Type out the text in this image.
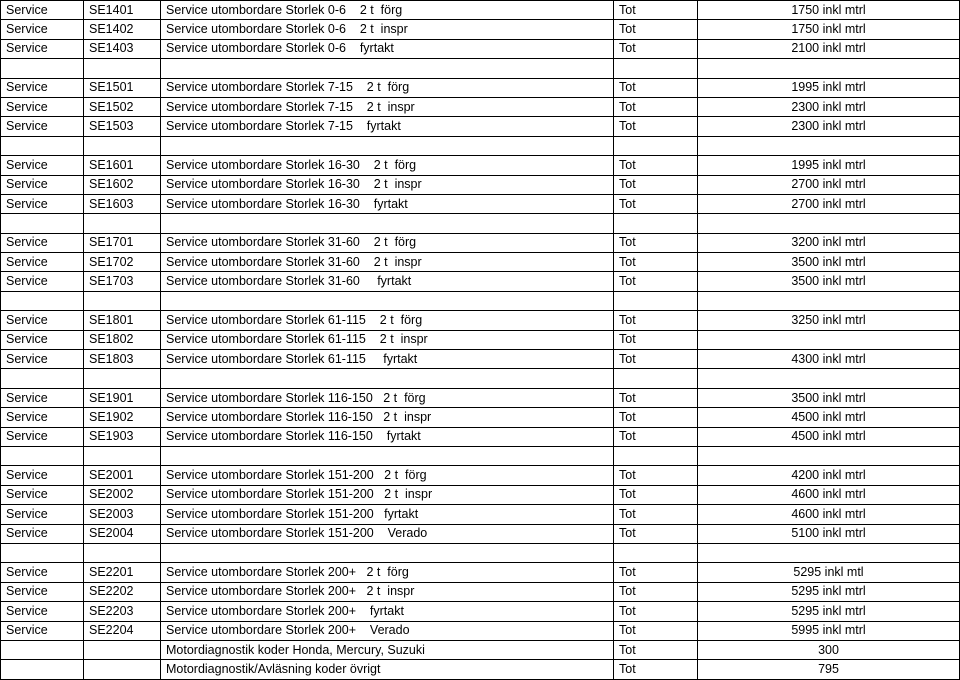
Service	SE1401	Service utombordare Storlek 0-6    2 t  förg	Tot	1750 inkl mtrl
Service	SE1402	Service utombordare Storlek 0-6    2 t  inspr	Tot	1750 inkl mtrl
Service	SE1403	Service utombordare Storlek 0-6    fyrtakt	Tot	2100 inkl mtrl

Service	SE1501	Service utombordare Storlek 7-15    2 t  förg	Tot	1995 inkl mtrl
Service	SE1502	Service utombordare Storlek 7-15    2 t  inspr	Tot	2300 inkl mtrl
Service	SE1503	Service utombordare Storlek 7-15    fyrtakt	Tot	2300 inkl mtrl

Service	SE1601	Service utombordare Storlek 16-30    2 t  förg	Tot	1995 inkl mtrl
Service	SE1602	Service utombordare Storlek 16-30    2 t  inspr	Tot	2700 inkl mtrl
Service	SE1603	Service utombordare Storlek 16-30    fyrtakt	Tot	2700 inkl mtrl

Service	SE1701	Service utombordare Storlek 31-60    2 t  förg	Tot	3200 inkl mtrl
Service	SE1702	Service utombordare Storlek 31-60    2 t  inspr	Tot	3500 inkl mtrl
Service	SE1703	Service utombordare Storlek 31-60     fyrtakt	Tot	3500 inkl mtrl

Service	SE1801	Service utombordare Storlek 61-115    2 t  förg	Tot	3250 inkl mtrl
Service	SE1802	Service utombordare Storlek 61-115    2 t  inspr	Tot	
Service	SE1803	Service utombordare Storlek 61-115     fyrtakt	Tot	4300 inkl mtrl

Service	SE1901	Service utombordare Storlek 116-150   2 t  förg	Tot	3500 inkl mtrl
Service	SE1902	Service utombordare Storlek 116-150   2 t  inspr	Tot	4500 inkl mtrl
Service	SE1903	Service utombordare Storlek 116-150    fyrtakt	Tot	4500 inkl mtrl

Service	SE2001	Service utombordare Storlek 151-200   2 t  förg	Tot	4200 inkl mtrl
Service	SE2002	Service utombordare Storlek 151-200   2 t  inspr	Tot	4600 inkl mtrl
Service	SE2003	Service utombordare Storlek 151-200   fyrtakt	Tot	4600 inkl mtrl
Service	SE2004	Service utombordare Storlek 151-200    Verado	Tot	5100 inkl mtrl

Service	SE2201	Service utombordare Storlek 200+   2 t  förg	Tot	5295 inkl mtl
Service	SE2202	Service utombordare Storlek 200+   2 t  inspr	Tot	5295 inkl mtrl
Service	SE2203	Service utombordare Storlek 200+    fyrtakt	Tot	5295 inkl mtrl
Service	SE2204	Service utombordare Storlek 200+    Verado	Tot	5995 inkl mtrl
		Motordiagnostik koder Honda, Mercury, Suzuki	Tot	300
		Motordiagnostik/Avläsning koder övrigt	Tot	795
